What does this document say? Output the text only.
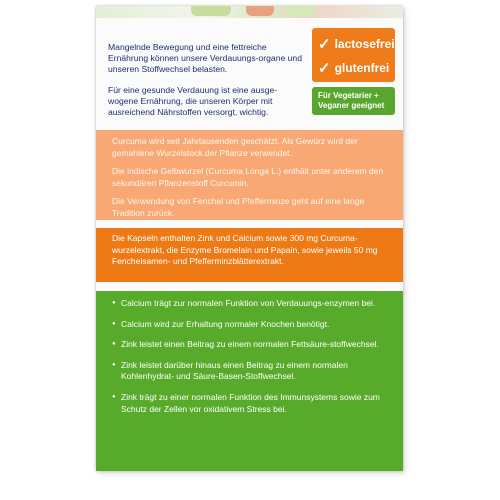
Mangelnde Bewegung und eine fettreiche Ernährung können unsere Verdauungs-organe und unseren Stoffwechsel belasten.

Für eine gesunde Verdauung ist eine ausge-wogene Ernährung, die unseren Körper mit ausreichend Nährstoffen versorgt, wichtig.

✓ lactosefrei
✓ glutenfrei
Für Vegetarier +
Veganer geeignet

Curcuma wird seit Jahrtausenden geschätzt. Als Gewürz wird der gemahlene Wurzelstock der Pflanze verwendet.

Die indische Gelbwurzel (Curcuma Longa L.) enthält unter anderem den sekundären Pflanzenstoff Curcumin.

Die Verwendung von Fenchel und Pfefferminze geht auf eine lange Tradition zurück.

Die Kapseln enthalten Zink und Calcium sowie 300 mg Curcuma-wurzelextrakt, die Enzyme Bromelain und Papain, sowie jeweils 50 mg Fenchelsamen- und Pfefferminzblätterextrakt.

● Calcium trägt zur normalen Funktion von Verdauungs-enzymen bei.
● Calcium wird zur Erhaltung normaler Knochen benötigt.
● Zink leistet einen Beitrag zu einem normalen Fettsäure-stoffwechsel.
● Zink leistet darüber hinaus einen Beitrag zu einem normalen Kohlenhydrat- und Säure-Basen-Stoffwechsel.
● Zink trägt zu einer normalen Funktion des Immunsystems sowie zum Schutz der Zellen vor oxidativem Stress bei.
